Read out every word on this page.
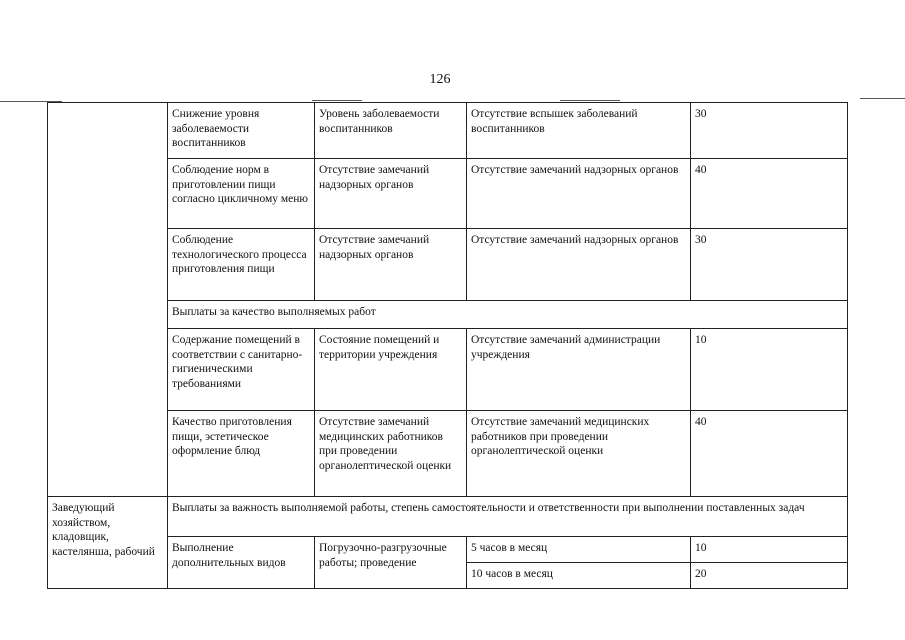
126
	Снижение уровня заболеваемости воспитанников	Уровень заболеваемости воспитанников	Отсутствие вспышек заболеваний воспитанников	30
	Соблюдение норм в приготовлении пищи согласно цикличному меню	Отсутствие замечаний надзорных органов	Отсутствие замечаний надзорных органов	40
	Соблюдение технологического процесса приготовления пищи	Отсутствие замечаний надзорных органов	Отсутствие замечаний надзорных органов	30
	Выплаты за качество выполняемых работ			
	Содержание помещений в соответствии с санитарно-гигиеническими требованиями	Состояние помещений и территории учреждения	Отсутствие замечаний администрации учреждения	10
	Качество приготовления пищи, эстетическое оформление блюд	Отсутствие замечаний медицинских работников при проведении органолептической оценки	Отсутствие замечаний медицинских работников при проведении органолептической оценки	40
Заведующий хозяйством, кладовщик, кастелянша, рабочий	Выплаты за важность выполняемой работы, степень самостоятельности и ответственности при выполнении поставленных задач			
	Выполнение дополнительных видов	Погрузочно-разгрузочные работы; проведение	5 часов в месяц	10
			10 часов в месяц	20
